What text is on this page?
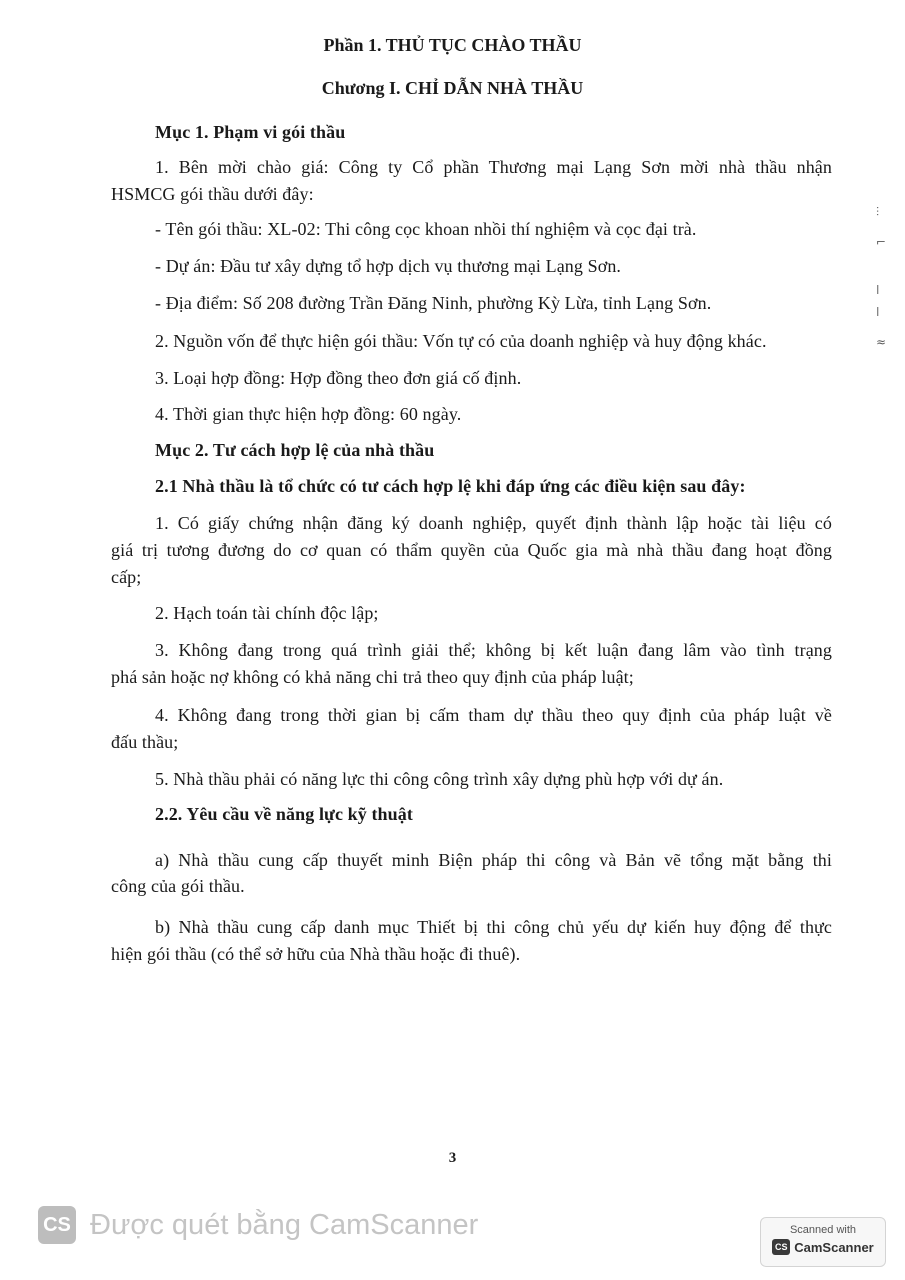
Phần 1. THỦ TỤC CHÀO THẦU
Chương I. CHỈ DẪN NHÀ THẦU
Mục 1. Phạm vi gói thầu
1. Bên mời chào giá: Công ty Cổ phần Thương mại Lạng Sơn mời nhà thầu nhận
HSMCG gói thầu dưới đây:
- Tên gói thầu: XL-02: Thi công cọc khoan nhồi thí nghiệm và cọc đại trà.
- Dự án: Đầu tư xây dựng tổ hợp dịch vụ thương mại Lạng Sơn.
- Địa điểm: Số 208 đường Trần Đăng Ninh, phường Kỳ Lừa, tỉnh Lạng Sơn.
2. Nguồn vốn để thực hiện gói thầu: Vốn tự có của doanh nghiệp và huy động khác.
3. Loại hợp đồng: Hợp đồng theo đơn giá cố định.
4. Thời gian thực hiện hợp đồng: 60 ngày.
Mục 2. Tư cách hợp lệ của nhà thầu
2.1 Nhà thầu là tổ chức có tư cách hợp lệ khi đáp ứng các điều kiện sau đây:
1. Có giấy chứng nhận đăng ký doanh nghiệp, quyết định thành lập hoặc tài liệu có
giá trị tương đương do cơ quan có thẩm quyền của Quốc gia mà nhà thầu đang hoạt đồng
cấp;
2. Hạch toán tài chính độc lập;
3. Không đang trong quá trình giải thể; không bị kết luận đang lâm vào tình trạng
phá sản hoặc nợ không có khả năng chi trả theo quy định của pháp luật;
4. Không đang trong thời gian bị cấm tham dự thầu theo quy định của pháp luật về
đấu thầu;
5. Nhà thầu phải có năng lực thi công công trình xây dựng phù hợp với dự án.
2.2. Yêu cầu về năng lực kỹ thuật
a) Nhà thầu cung cấp thuyết minh Biện pháp thi công và Bản vẽ tổng mặt bằng thi
công của gói thầu.
b) Nhà thầu cung cấp danh mục Thiết bị thi công chủ yếu dự kiến huy động để thực
hiện gói thầu (có thể sở hữu của Nhà thầu hoặc đi thuê).
3
⫶
⌐
ǀ
ǀ
≈
CS Được quét bằng CamScanner	Scanned with
CS CamScanner
